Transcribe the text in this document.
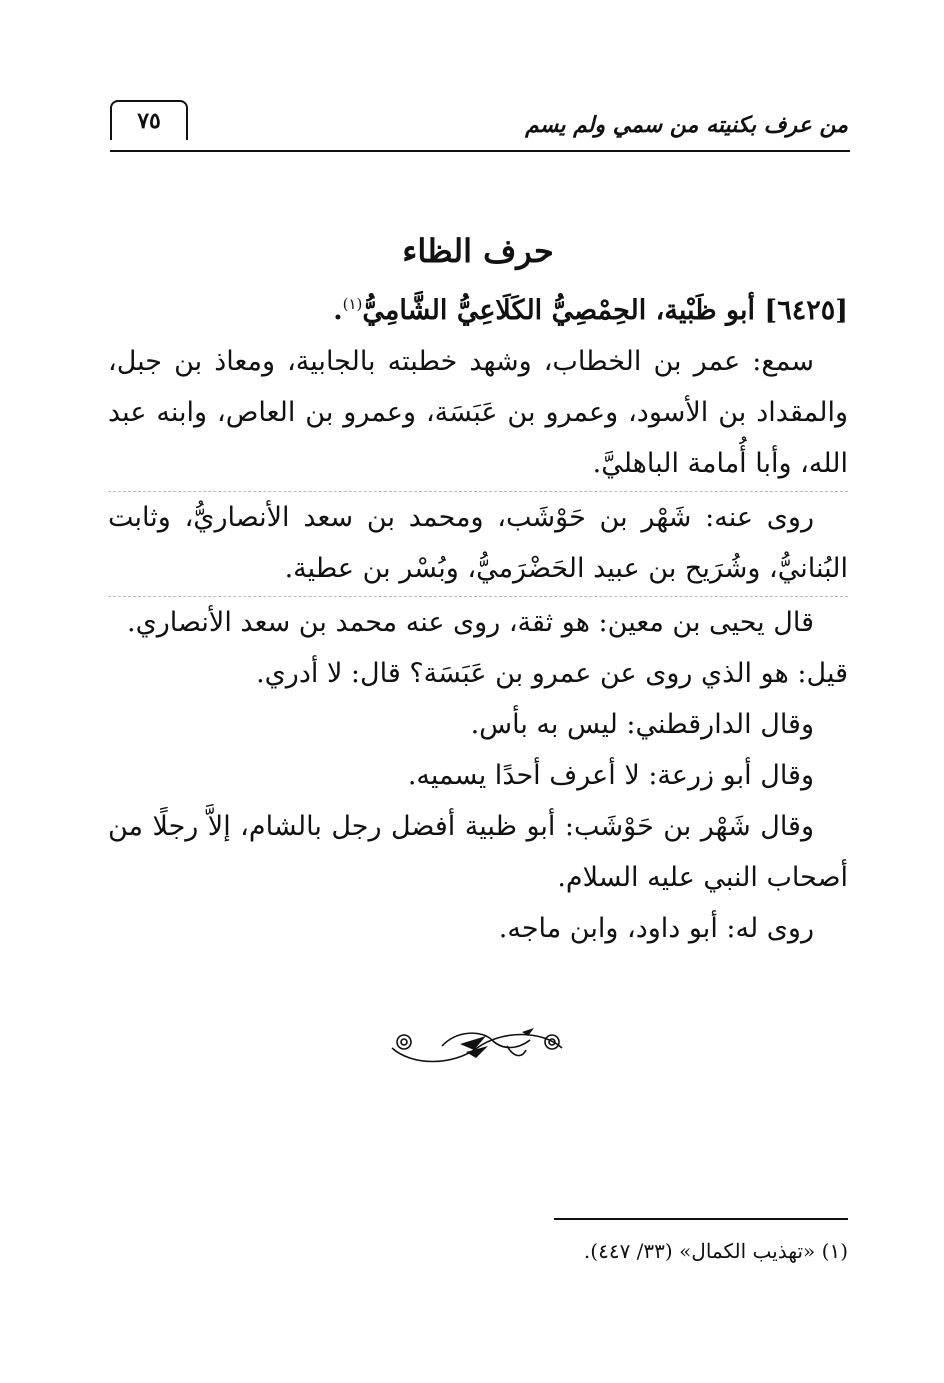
من عرف بكنيته من سمي ولم يسم
٧٥
حرف الظاء
[٦٤٢٥] أبو ظَبْية، الحِمْصِيُّ الكَلَاعِيُّ الشَّامِيُّ$^{(١)}$.

سمع: عمر بن الخطاب، وشهد خطبته بالجابية، ومعاذ بن جبل، والمقداد بن الأسود، وعمرو بن عَبَسَة، وعمرو بن العاص، وابنه عبد الله، وأبا أُمامة الباهليَّ.

روى عنه: شَهْر بن حَوْشَب، ومحمد بن سعد الأنصاريُّ، وثابت البُنانيُّ، وشُرَيح بن عبيد الحَضْرَميُّ، وبُسْر بن عطية.

قال يحيى بن معين: هو ثقة، روى عنه محمد بن سعد الأنصاري.

قيل: هو الذي روى عن عمرو بن عَبَسَة؟ قال: لا أدري.

وقال الدارقطني: ليس به بأس.

وقال أبو زرعة: لا أعرف أحدًا يسميه.

وقال شَهْر بن حَوْشَب: أبو ظبية أفضل رجل بالشام، إلاَّ رجلًا من أصحاب النبي عليه السلام.

روى له: أبو داود، وابن ماجه.

(١) «تهذيب الكمال» (٣٣/ ٤٤٧).
